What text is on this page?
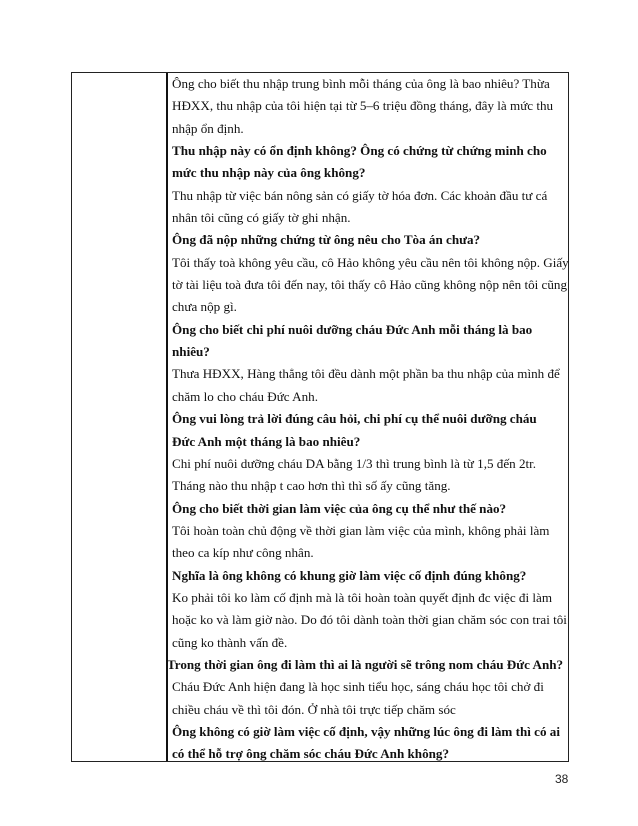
Ông cho biết thu nhập trung bình mỗi tháng của ông là bao nhiêu? Thừa
HĐXX, thu nhập của tôi hiện tại từ 5–6 triệu đồng tháng, đây là mức thu
nhập ổn định.
Thu nhập này có ổn định không? Ông có chứng từ chứng minh cho
mức thu nhập này của ông không?
Thu nhập từ việc bán nông sản có giấy tờ hóa đơn. Các khoản đầu tư cá
nhân tôi cũng có giấy tờ ghi nhận.
Ông đã nộp những chứng từ ông nêu cho Tòa án chưa?
Tôi thấy toà không yêu cầu, cô Hảo không yêu cầu nên tôi không nộp. Giấy
tờ tài liệu toà đưa tôi đến nay, tôi thấy cô Hảo cũng không nộp nên tôi cũng
chưa nộp gì.
Ông cho biết chi phí nuôi dưỡng cháu Đức Anh mỗi tháng là bao
nhiêu?
Thưa HĐXX, Hàng thẳng tôi đều dành một phần ba thu nhập của mình để
chăm lo cho cháu Đức Anh.
Ông vui lòng trả lời đúng câu hỏi, chi phí cụ thể nuôi dưỡng cháu
Đức Anh một tháng là bao nhiêu?
Chi phí nuôi dưỡng cháu DA bằng 1/3 thì trung bình là từ 1,5 đến 2tr.
Tháng nào thu nhập t cao hơn thì thì số ấy cũng tăng.
Ông cho biết thời gian làm việc của ông cụ thể như thế nào?
Tôi hoàn toàn chủ động về thời gian làm việc của mình, không phải làm
theo ca kíp như công nhân.
Nghĩa là ông không có khung giờ làm việc cố định đúng không?
Ko phải tôi ko làm cố định mà là tôi hoàn toàn quyết định đc việc đi làm
hoặc ko và làm giờ nào. Do đó tôi dành toàn thời gian chăm sóc con trai tôi
cũng ko thành vấn đề.
Trong thời gian ông đi làm thì ai là người sẽ trông nom cháu Đức Anh?
Cháu Đức Anh hiện đang là học sinh tiểu học, sáng cháu học tôi chở đi
chiều cháu về thì tôi đón. Ở nhà tôi trực tiếp chăm sóc
Ông không có giờ làm việc cố định, vậy những lúc ông đi làm thì có ai
có thể hỗ trợ ông chăm sóc cháu Đức Anh không?
38
